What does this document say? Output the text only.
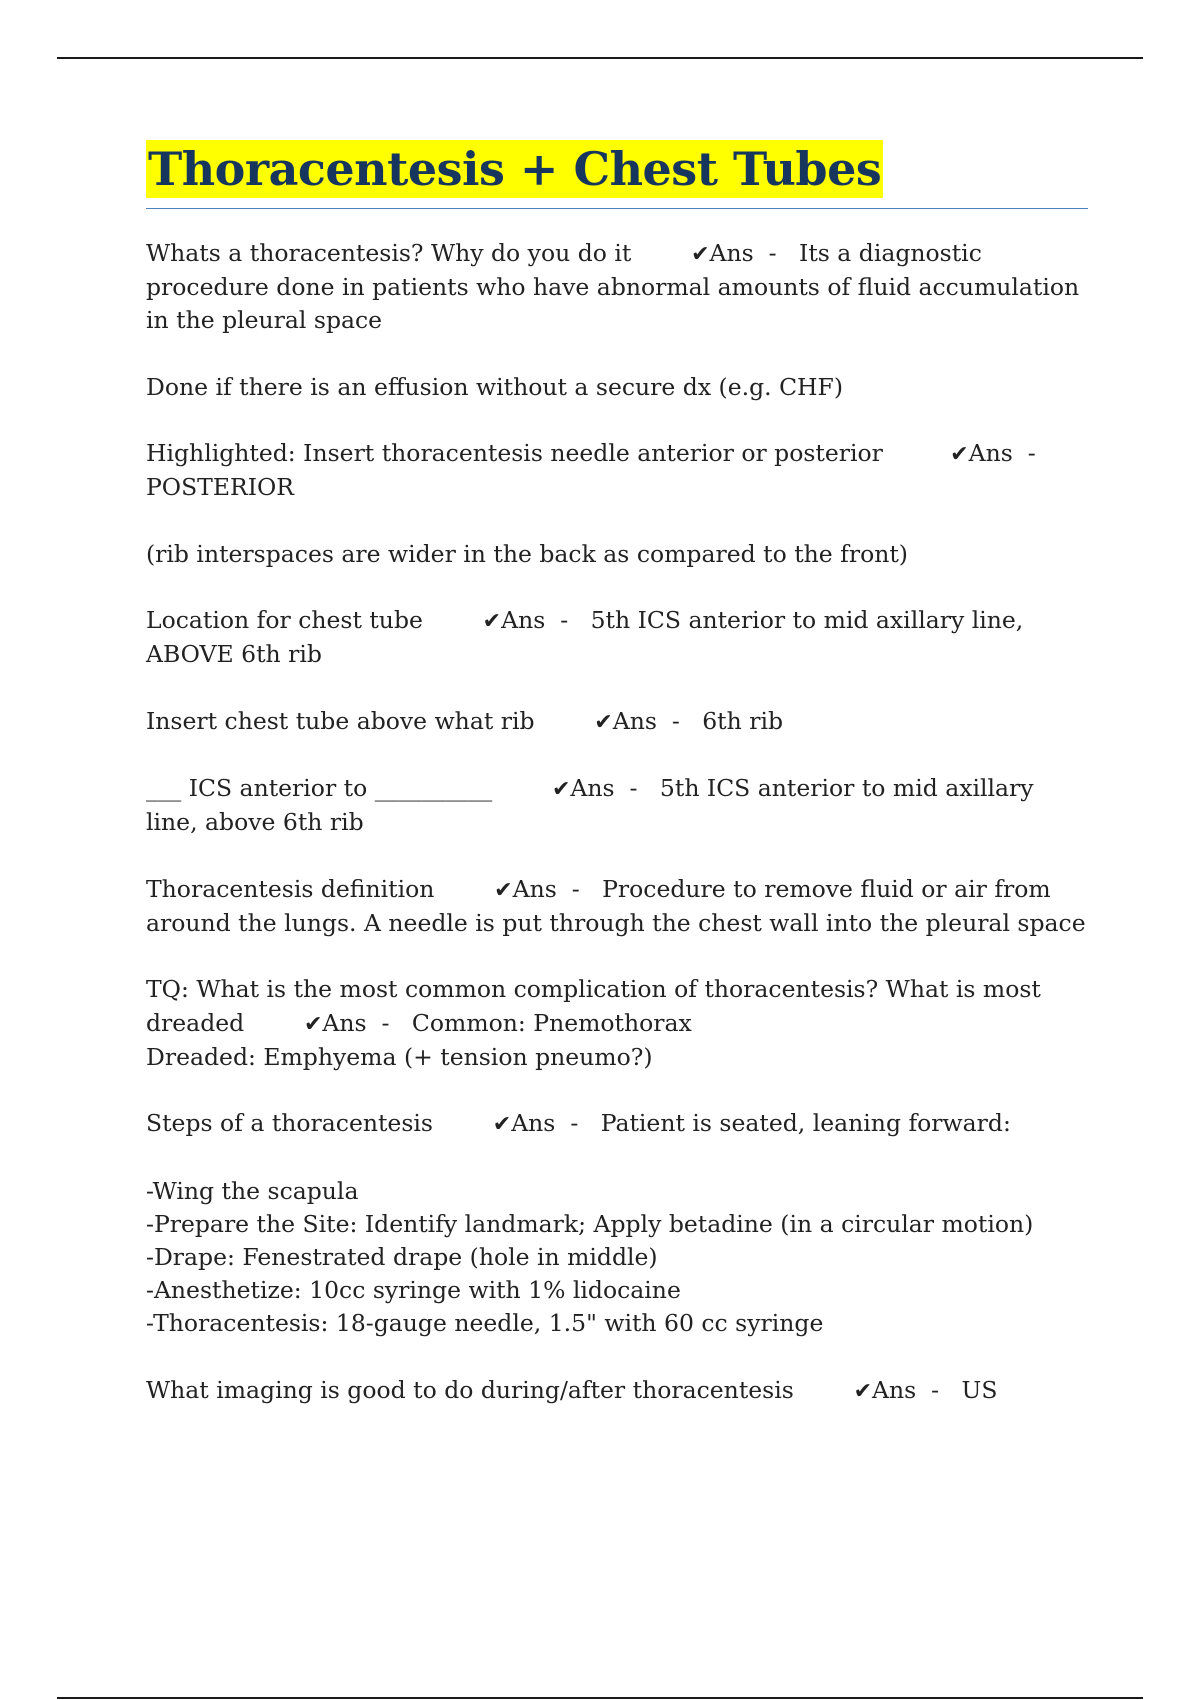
Thoracentesis + Chest Tubes
Whats a thoracentesis? Why do you do it	✔Ans - Its a diagnostic procedure done in patients who have abnormal amounts of fluid accumulation in the pleural space
Done if there is an effusion without a secure dx (e.g. CHF)
Highlighted: Insert thoracentesis needle anterior or posterior	✔Ans -
POSTERIOR
(rib interspaces are wider in the back as compared to the front)
Location for chest tube	✔Ans - 5th ICS anterior to mid axillary line, ABOVE 6th rib
Insert chest tube above what rib	✔Ans - 6th rib
___ ICS anterior to __________	✔Ans - 5th ICS anterior to mid axillary line, above 6th rib
Thoracentesis definition	✔Ans - Procedure to remove fluid or air from around the lungs. A needle is put through the chest wall into the pleural space
TQ: What is the most common complication of thoracentesis? What is most dreaded	✔Ans - Common: Pnemothorax
Dreaded: Emphyema (+ tension pneumo?)
Steps of a thoracentesis	✔Ans - Patient is seated, leaning forward:
-Wing the scapula
-Prepare the Site: Identify landmark; Apply betadine (in a circular motion)
-Drape: Fenestrated drape (hole in middle)
-Anesthetize: 10cc syringe with 1% lidocaine
-Thoracentesis: 18-gauge needle, 1.5" with 60 cc syringe
What imaging is good to do during/after thoracentesis	✔Ans - US
